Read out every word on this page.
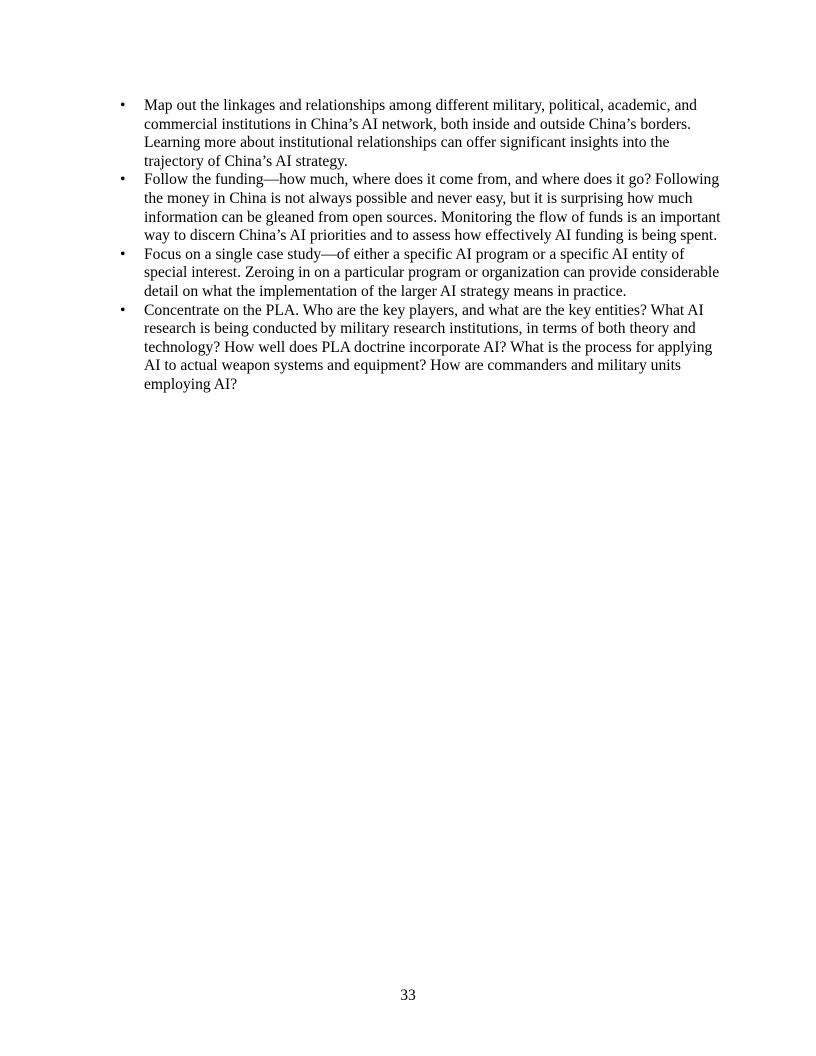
• Map out the linkages and relationships among different military, political, academic, and commercial institutions in China’s AI network, both inside and outside China’s borders. Learning more about institutional relationships can offer significant insights into the trajectory of China’s AI strategy.
• Follow the funding—how much, where does it come from, and where does it go? Following the money in China is not always possible and never easy, but it is surprising how much information can be gleaned from open sources. Monitoring the flow of funds is an important way to discern China’s AI priorities and to assess how effectively AI funding is being spent.
• Focus on a single case study—of either a specific AI program or a specific AI entity of special interest. Zeroing in on a particular program or organization can provide considerable detail on what the implementation of the larger AI strategy means in practice.
• Concentrate on the PLA. Who are the key players, and what are the key entities? What AI research is being conducted by military research institutions, in terms of both theory and technology? How well does PLA doctrine incorporate AI? What is the process for applying AI to actual weapon systems and equipment? How are commanders and military units employing AI?
33
